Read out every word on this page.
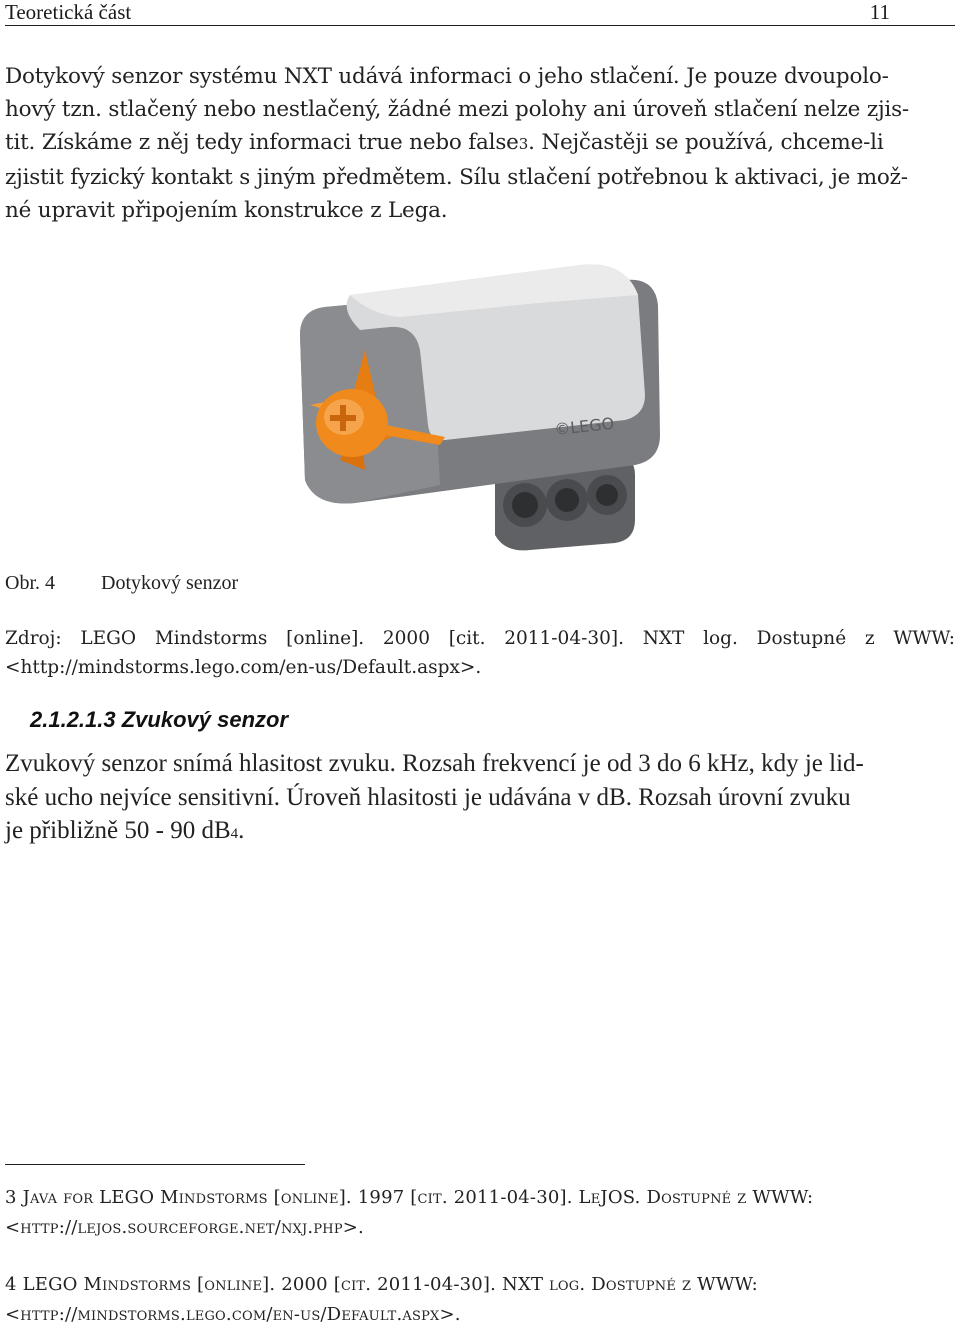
Teoretická část	11
Dotykový senzor systému NXT udává informaci o jeho stlačení. Je pouze dvoupolo-
hový tzn. stlačený nebo nestlačený, žádné mezi polohy ani úroveň stlačení nelze zjis-
tit. Získáme z něj tedy informaci true nebo false3. Nejčastěji se používá, chceme-li
zjistit fyzický kontakt s jiným předmětem. Sílu stlačení potřebnou k aktivaci, je mož-
né upravit připojením konstrukce z Lega.
©LEGO
Obr. 4 Dotykový senzor
Zdroj: LEGO Mindstorms [online]. 2000 [cit. 2011-04-30]. NXT log. Dostupné z WWW:
<http://mindstorms.lego.com/en-us/Default.aspx>.
2.1.2.1.3 Zvukový senzor
Zvukový senzor snímá hlasitost zvuku. Rozsah frekvencí je od 3 do 6 kHz, kdy je lid-
ské ucho nejvíce sensitivní. Úroveň hlasitosti je udávána v dB. Rozsah úrovní zvuku
je přibližně 50 - 90 dB4.
3 Java for LEGO Mindstorms [online]. 1997 [cit. 2011-04-30]. LeJOS. Dostupné z WWW:
<http://lejos.sourceforge.net/nxj.php>.
4 LEGO Mindstorms [online]. 2000 [cit. 2011-04-30]. NXT log. Dostupné z WWW:
<http://mindstorms.lego.com/en-us/Default.aspx>.
